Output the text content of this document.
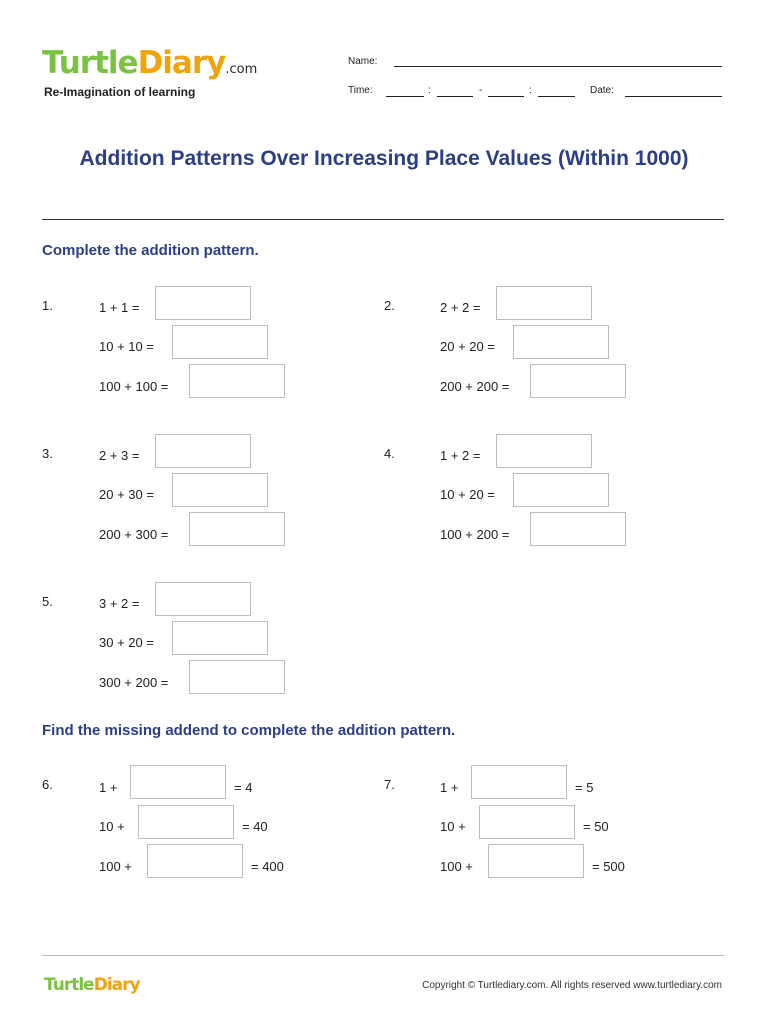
TurtleDiary.com
Re-Imagination of learning
Name:
Time:	:	-	:	Date:
Addition Patterns Over Increasing Place Values (Within 1000)
Complete the addition pattern.
1.	1 + 1 =
10 + 10 =
100 + 100 =
2.	2 + 2 =
20 + 20 =
200 + 200 =
3.	2 + 3 =
20 + 30 =
200 + 300 =
4.	1 + 2 =
10 + 20 =
100 + 200 =
5.	3 + 2 =
30 + 20 =
300 + 200 =
Find the missing addend to complete the addition pattern.
6.	1 +	= 4
10 +	= 40
100 +	= 400
7.	1 +	= 5
10 +	= 50
100 +	= 500
TurtleDiary	Copyright © Turtlediary.com. All rights reserved www.turtlediary.com
